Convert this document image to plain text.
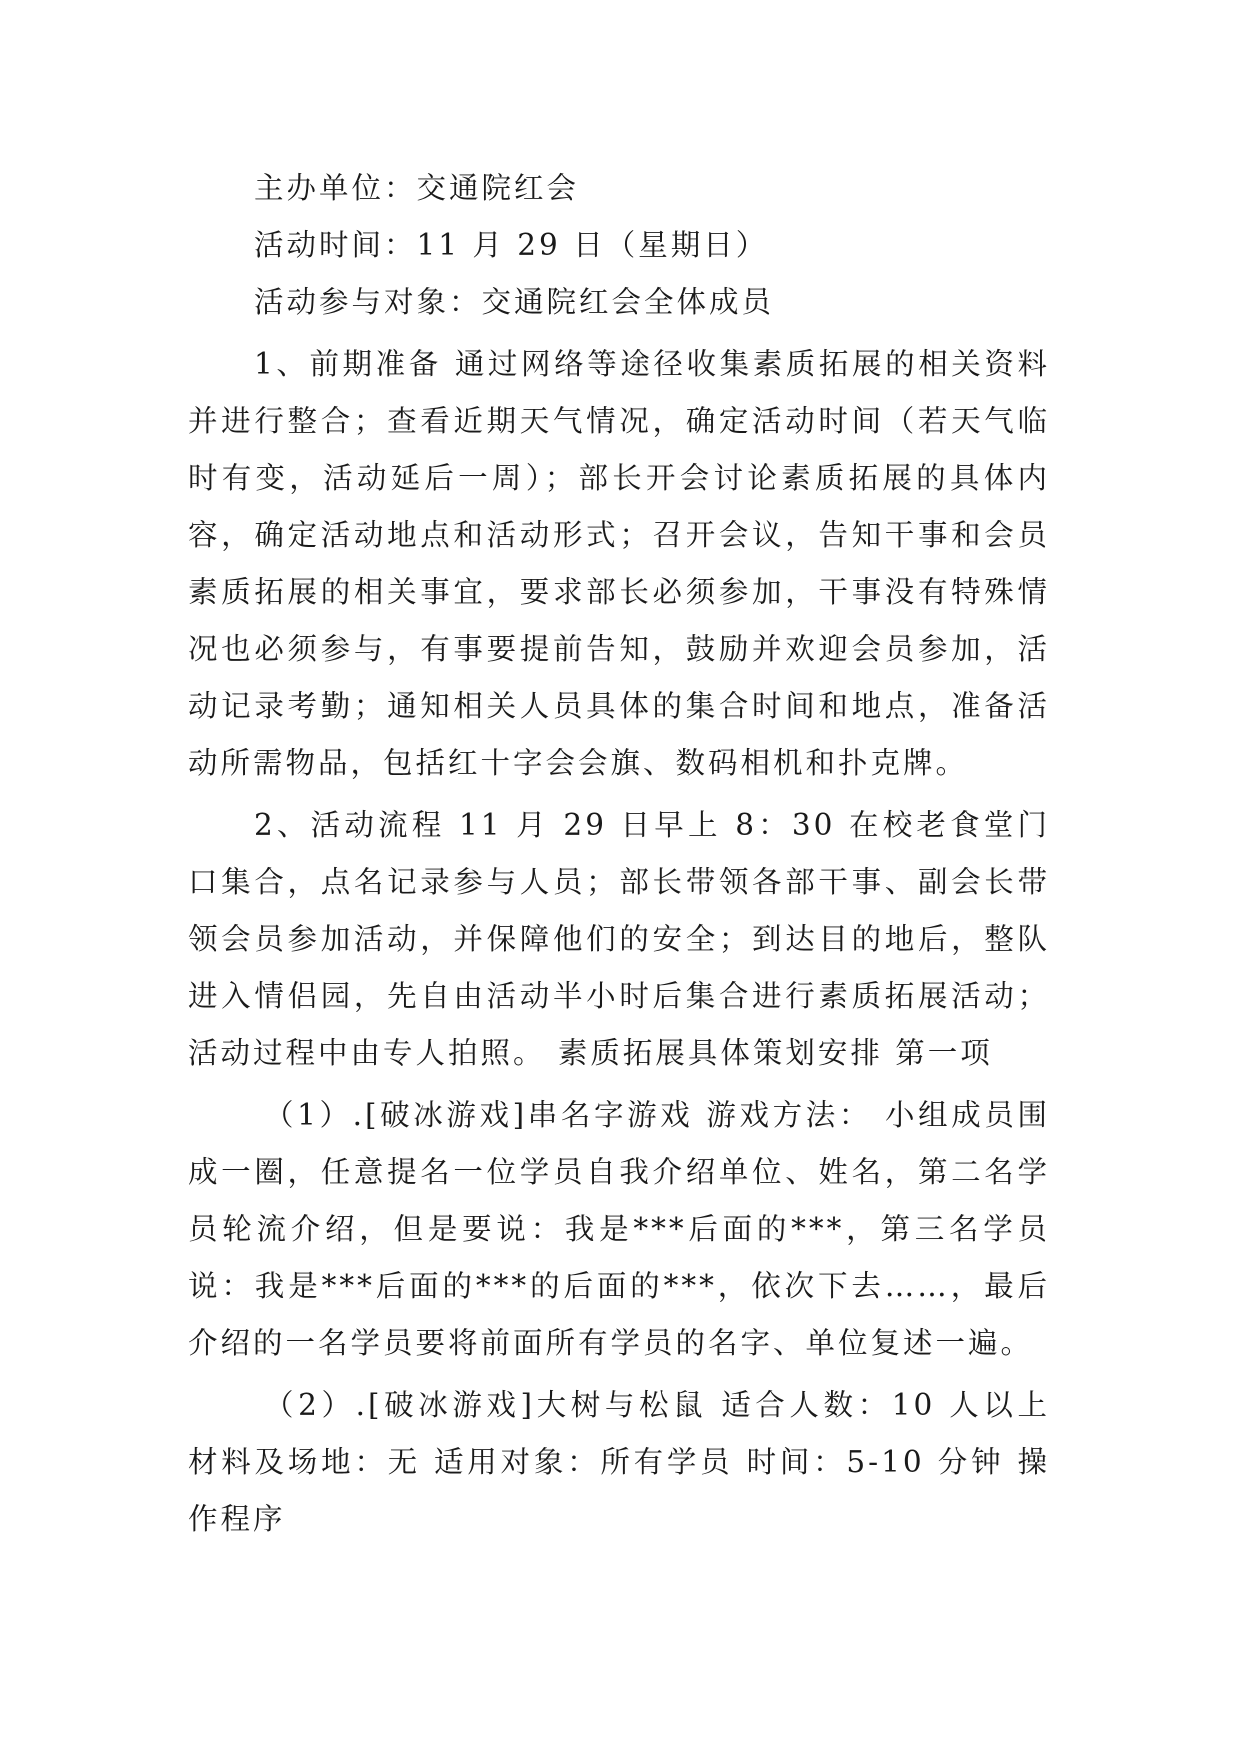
主办单位：交通院红会

活动时间：11 月 29 日（星期日）

活动参与对象：交通院红会全体成员

1、前期准备 通过网络等途径收集素质拓展的相关资料并进行整合；查看近期天气情况，确定活动时间（若天气临时有变，活动延后一周）；部长开会讨论素质拓展的具体内容，确定活动地点和活动形式；召开会议，告知干事和会员素质拓展的相关事宜，要求部长必须参加，干事没有特殊情况也必须参与，有事要提前告知，鼓励并欢迎会员参加，活动记录考勤；通知相关人员具体的集合时间和地点，准备活动所需物品，包括红十字会会旗、数码相机和扑克牌。

2、活动流程 11 月 29 日早上 8：30 在校老食堂门口集合，点名记录参与人员；部长带领各部干事、副会长带领会员参加活动，并保障他们的安全；到达目的地后，整队进入情侣园，先自由活动半小时后集合进行素质拓展活动；活动过程中由专人拍照。 素质拓展具体策划安排 第一项

（1）.[破冰游戏]串名字游戏 游戏方法： 小组成员围成一圈，任意提名一位学员自我介绍单位、姓名，第二名学员轮流介绍，但是要说：我是***后面的***，第三名学员说：我是***后面的***的后面的***，依次下去……，最后介绍的一名学员要将前面所有学员的名字、单位复述一遍。

（2）.[破冰游戏]大树与松鼠 适合人数：10 人以上 材料及场地：无 适用对象：所有学员 时间：5-10 分钟 操作程序
